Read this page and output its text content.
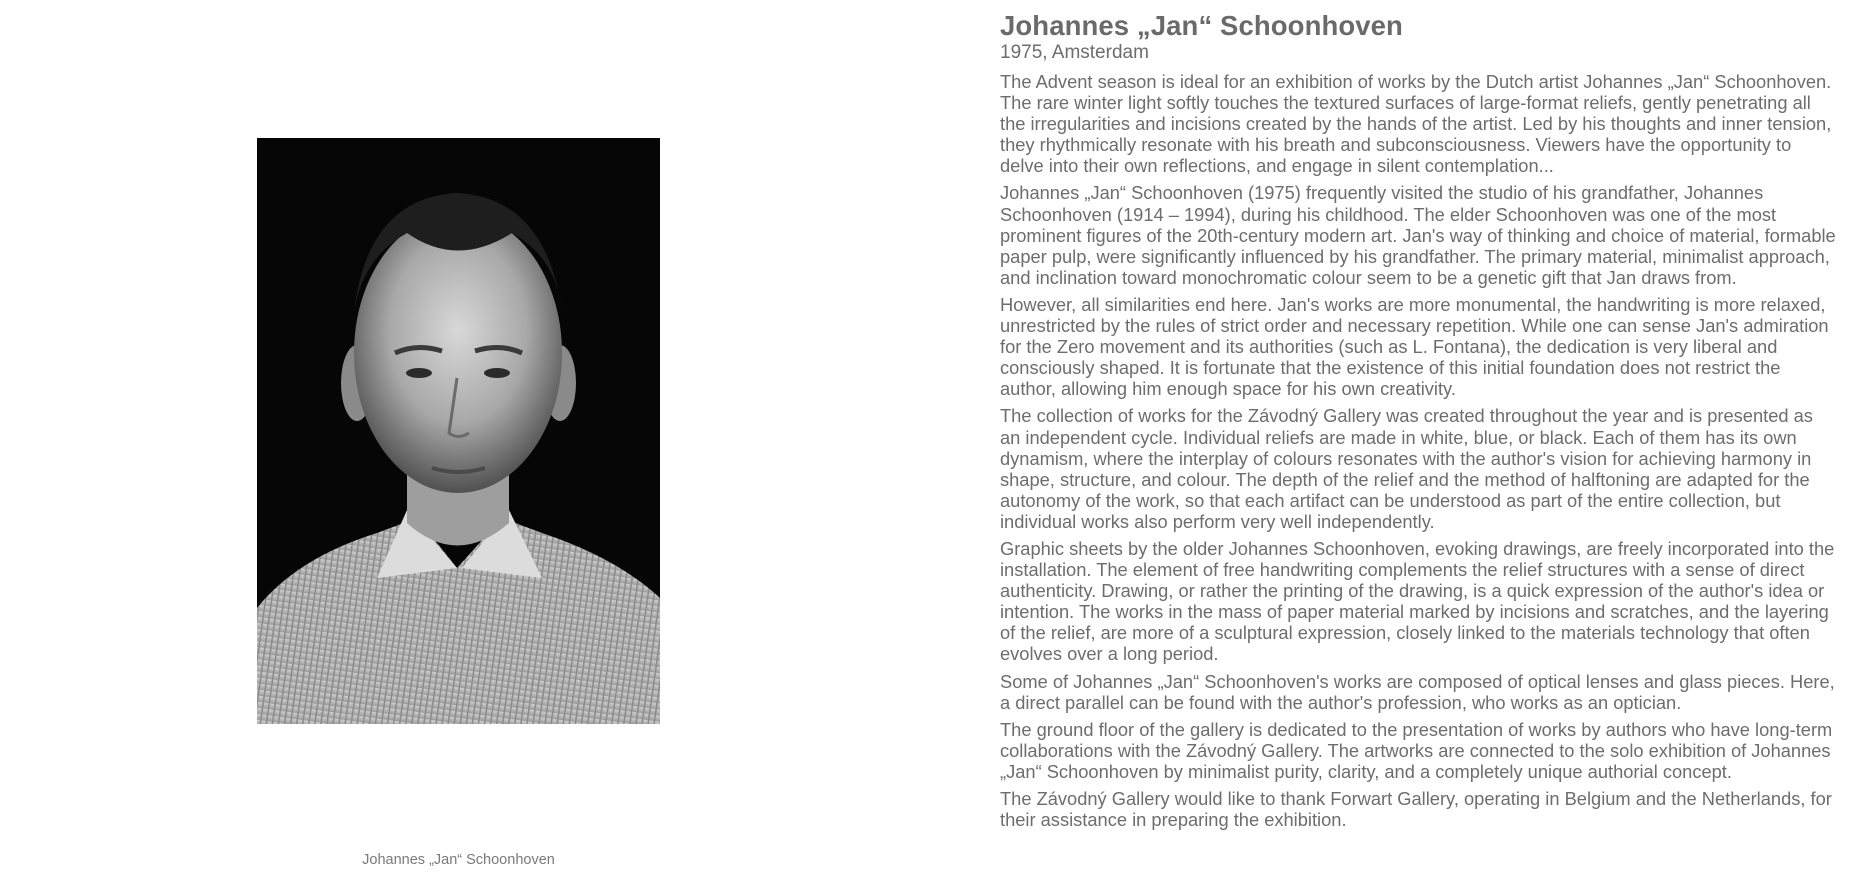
Johannes „Jan“ Schoonhoven
Johannes „Jan“ Schoonhoven
1975, Amsterdam

The Advent season is ideal for an exhibition of works by the Dutch artist Johannes „Jan“ Schoonhoven. The rare winter light softly touches the textured surfaces of large-format reliefs, gently penetrating all the irregularities and incisions created by the hands of the artist. Led by his thoughts and inner tension, they rhythmically resonate with his breath and subconsciousness. Viewers have the opportunity to delve into their own reflections, and engage in silent contemplation...

Johannes „Jan“ Schoonhoven (1975) frequently visited the studio of his grandfather, Johannes Schoonhoven (1914 – 1994), during his childhood. The elder Schoonhoven was one of the most prominent figures of the 20th-century modern art. Jan's way of thinking and choice of material, formable paper pulp, were significantly influenced by his grandfather. The primary material, minimalist approach, and inclination toward monochromatic colour seem to be a genetic gift that Jan draws from.

However, all similarities end here. Jan's works are more monumental, the handwriting is more relaxed, unrestricted by the rules of strict order and necessary repetition. While one can sense Jan's admiration for the Zero movement and its authorities (such as L. Fontana), the dedication is very liberal and consciously shaped. It is fortunate that the existence of this initial foundation does not restrict the author, allowing him enough space for his own creativity.

The collection of works for the Závodný Gallery was created throughout the year and is presented as an independent cycle. Individual reliefs are made in white, blue, or black. Each of them has its own dynamism, where the interplay of colours resonates with the author's vision for achieving harmony in shape, structure, and colour. The depth of the relief and the method of halftoning are adapted for the autonomy of the work, so that each artifact can be understood as part of the entire collection, but individual works also perform very well independently.

Graphic sheets by the older Johannes Schoonhoven, evoking drawings, are freely incorporated into the installation. The element of free handwriting complements the relief structures with a sense of direct authenticity. Drawing, or rather the printing of the drawing, is a quick expression of the author's idea or intention. The works in the mass of paper material marked by incisions and scratches, and the layering of the relief, are more of a sculptural expression, closely linked to the materials technology that often evolves over a long period.

Some of Johannes „Jan“ Schoonhoven's works are composed of optical lenses and glass pieces. Here, a direct parallel can be found with the author's profession, who works as an optician.

The ground floor of the gallery is dedicated to the presentation of works by authors who have long-term collaborations with the Závodný Gallery. The artworks are connected to the solo exhibition of Johannes „Jan“ Schoonhoven by minimalist purity, clarity, and a completely unique authorial concept.

The Závodný Gallery would like to thank Forwart Gallery, operating in Belgium and the Netherlands, for their assistance in preparing the exhibition.
